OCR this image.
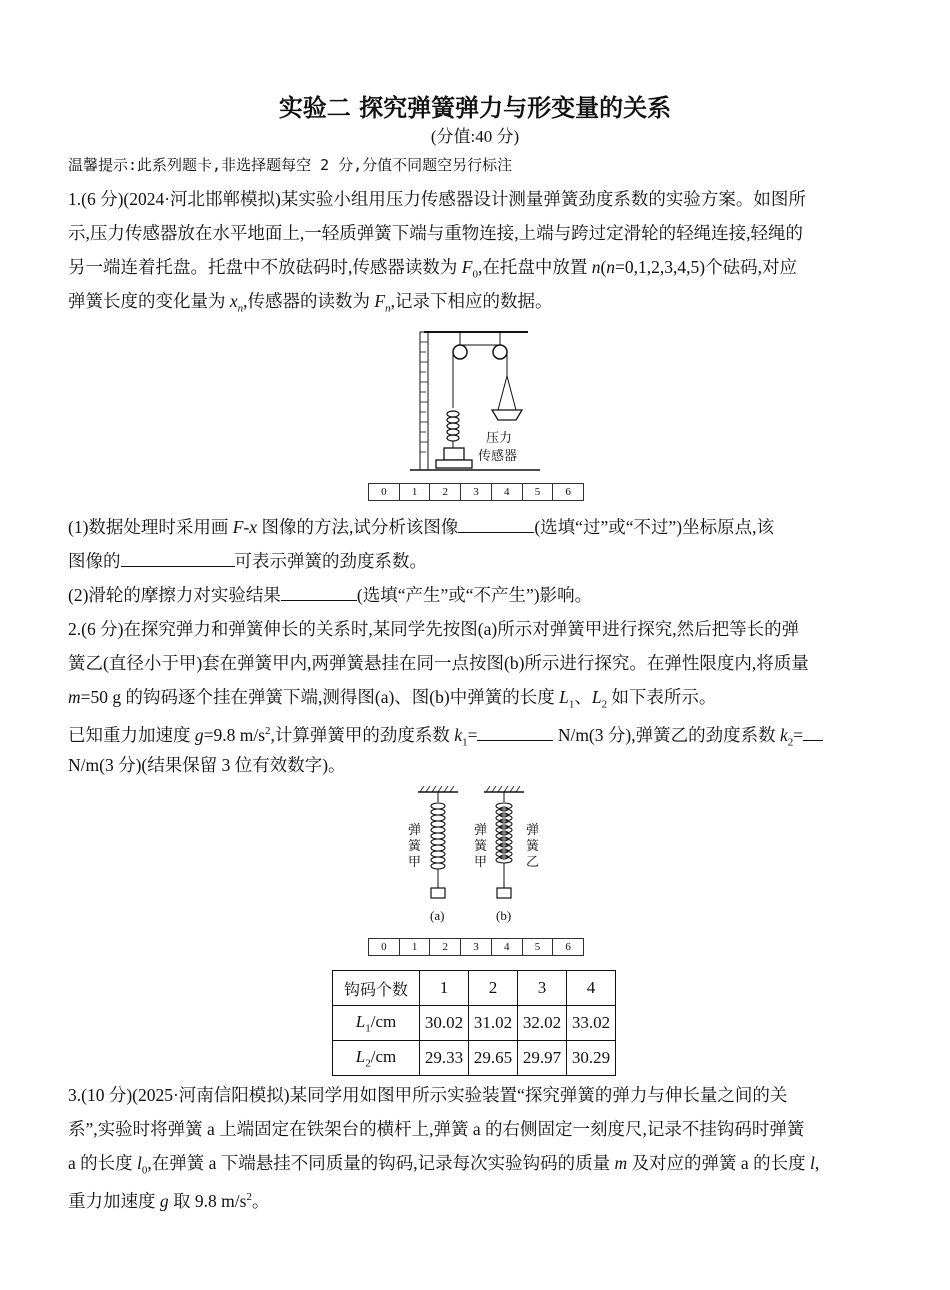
实验二 探究弹簧弹力与形变量的关系
(分值:40 分)

温馨提示:此系列题卡,非选择题每空 2 分,分值不同题空另行标注

1.(6 分)(2024·河北邯郸模拟)某实验小组用压力传感器设计测量弹簧劲度系数的实验方案。如图所

示,压力传感器放在水平地面上,一轻质弹簧下端与重物连接,上端与跨过定滑轮的轻绳连接,轻绳的

另一端连着托盘。托盘中不放砝码时,传感器读数为 $F_0$,在托盘中放置 n(n=0,1,2,3,4,5)个砝码,对应

弹簧长度的变化量为 $x_n$,传感器的读数为 $F_n$,记录下相应的数据。

压力
传感器
0	1	2	3	4	5	6

(1)数据处理时采用画 F-x 图像的方法,试分析该图像	(选填“过”或“不过”)坐标原点,该

图像的	可表示弹簧的劲度系数。

(2)滑轮的摩擦力对实验结果	(选填“产生”或“不产生”)影响。

2.(6 分)在探究弹力和弹簧伸长的关系时,某同学先按图(a)所示对弹簧甲进行探究,然后把等长的弹

簧乙(直径小于甲)套在弹簧甲内,两弹簧悬挂在同一点按图(b)所示进行探究。在弹性限度内,将质量

m=50 g 的钩码逐个挂在弹簧下端,测得图(a)、图(b)中弹簧的长度 $L_1$、$L_2$ 如下表所示。

已知重力加速度 g=9.8 $m/s^2$,计算弹簧甲的劲度系数 $k_1=$	N/m(3 分),弹簧乙的劲度系数 $k_2=$

N/m(3 分)(结果保留 3 位有效数字)。

弹簧甲
弹簧甲
弹簧乙
(a)	(b)
0	1	2	3	4	5	6
钩码个数	1	2	3	4
$L_1/cm$	30.02	31.02	32.02	33.02
$L_2/cm$	29.33	29.65	29.97	30.29

3.(10 分)(2025·河南信阳模拟)某同学用如图甲所示实验装置“探究弹簧的弹力与伸长量之间的关

系”,实验时将弹簧 a 上端固定在铁架台的横杆上,弹簧 a 的右侧固定一刻度尺,记录不挂钩码时弹簧

a 的长度 $l_0$,在弹簧 a 下端悬挂不同质量的钩码,记录每次实验钩码的质量 m 及对应的弹簧 a 的长度 l,

重力加速度 g 取 9.8 $m/s^2$。
